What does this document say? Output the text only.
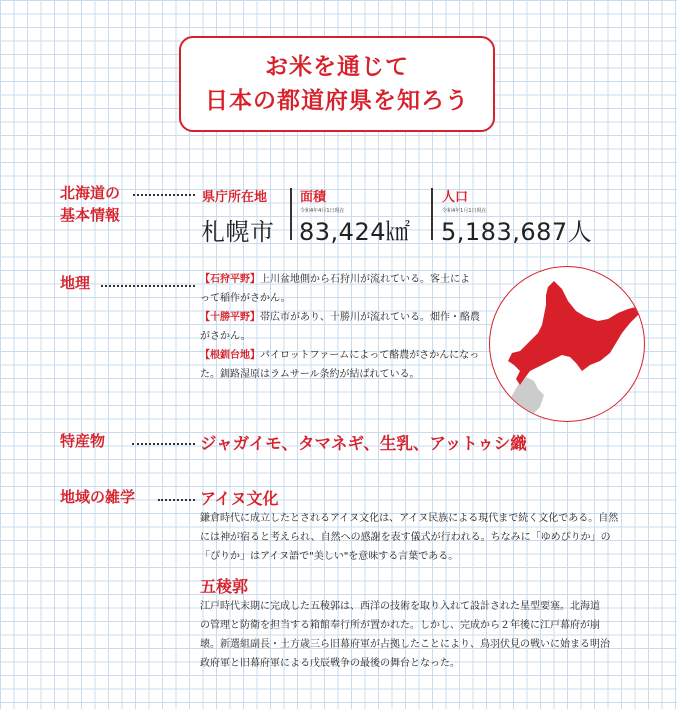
お米を通じて
日本の都道府県を知ろう
北海道の
基本情報
県庁所在地
札幌市
面積
令和4年4月1日現在
83,424㎢
人口
令和4年1月1日現在
5,183,687人
地理	【石狩平野】上川盆地側から石狩川が流れている。客土によ
って稲作がさかん。
【十勝平野】帯広市があり、十勝川が流れている。畑作・酪農
がさかん。
【根釧台地】パイロットファームによって酪農がさかんになっ
た。釧路湿原はラムサール条約が結ばれている。
特産物	ジャガイモ、タマネギ、生乳、アットゥシ織
地域の雑学	アイヌ文化
鎌倉時代に成立したとされるアイヌ文化は、アイヌ民族による現代まで続く文化である。自然
には神が宿ると考えられ、自然への感謝を表す儀式が行われる。ちなみに「ゆめぴりか」の
「ぴりか」はアイヌ語で"美しい"を意味する言葉である。
五稜郭
江戸時代末期に完成した五稜郭は、西洋の技術を取り入れて設計された星型要塞。北海道
の管理と防衛を担当する箱館奉行所が置かれた。しかし、完成から２年後に江戸幕府が崩
壊。新選組副長・土方歳三ら旧幕府軍が占拠したことにより、鳥羽伏見の戦いに始まる明治
政府軍と旧幕府軍による戊辰戦争の最後の舞台となった。
